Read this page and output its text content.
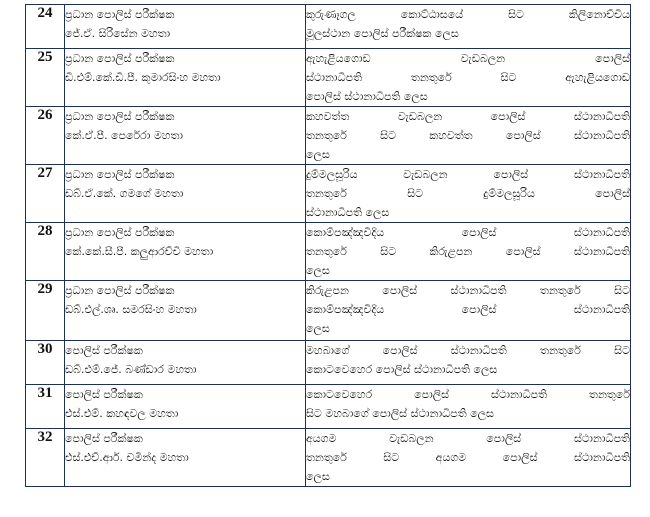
24	ප්‍රධාන පොලිස් පරීක්ෂක
ජේ.ඒ. සිරිසේන මහතා	කුරුණෑගල කොට්ඨාසයේ සිට කිලිනොච්චිය
මූලස්ථාන පොලිස් පරීක්ෂක ලෙස

25	ප්‍රධාන පොලිස් පරීක්ෂක
ඩී.එම්.කේ.ඩී.පී. කුමාරසිංහ මහතා	ඇහැළියගොඩ වැඩබලන පොලිස්
ස්ථානාධිපති තනතුරේ සිට ඇහැළියගොඩ
පොලිස් ස්ථානාධිපති ලෙස

26	ප්‍රධාන පොලිස් පරීක්ෂක
කේ.ඒ.පී. පෙරේරා මහතා	කහවත්ත වැඩබලන පොලිස් ස්ථානාධිපති
තනතුරේ සිට කහවත්ත පොලිස් ස්ථානාධිපති
ලෙස

27	ප්‍රධාන පොලිස් පරීක්ෂක
ඩබ්.ඒ.කේ. ගමගේ මහතා	දුම්මලසූරිය වැඩබලන පොලිස් ස්ථානාධිපති
තනතුරේ සිට දුම්මලසූරිය පොලිස්
ස්ථානාධිපති ලෙස

28	ප්‍රධාන පොලිස් පරීක්ෂක
කේ.කේ.සී.පී. කලුආරච්චි මහතා	කොම්පඤ්ඤවීදිය පොලිස් ස්ථානාධිපති
තනතුරේ සිට කිරුළපන පොලිස් ස්ථානාධිපති
ලෙස

29	ප්‍රධාන පොලිස් පරීක්ෂක
ඩබ්.එල්.ශ්‍රු. සමරසිංහ මහතා	කිරුළපන පොලිස් ස්ථානාධිපති තනතුරේ සිට
කොම්පඤ්ඤවීදිය පොලිස් ස්ථානාධිපති
ලෙස

30	පොලිස් පරීක්ෂක
ඩබ්.එම්.ජේ. බණ්ඩාර මහතා	මහබාගේ පොලිස් ස්ථානාධිපති තනතුරේ සිට
කොටවෙහෙර පොලිස් ස්ථානාධිපති ලෙස

31	පොලිස් පරීක්ෂක
එස්.එම්. කහඳවල මහතා	කොටවෙහෙර පොලිස් ස්ථානාධිපති තනතුරේ
සිට මහබාගේ පොලිස් ස්ථානාධිපති ලෙස

32	පොලිස් පරීක්ෂක
එස්.එච්.ආර්. චමින්ද මහතා	අයගම වැඩබලන පොලිස් ස්ථානාධිපති
තනතුරේ සිට අයගම පොලිස් ස්ථානාධිපති
ලෙස
